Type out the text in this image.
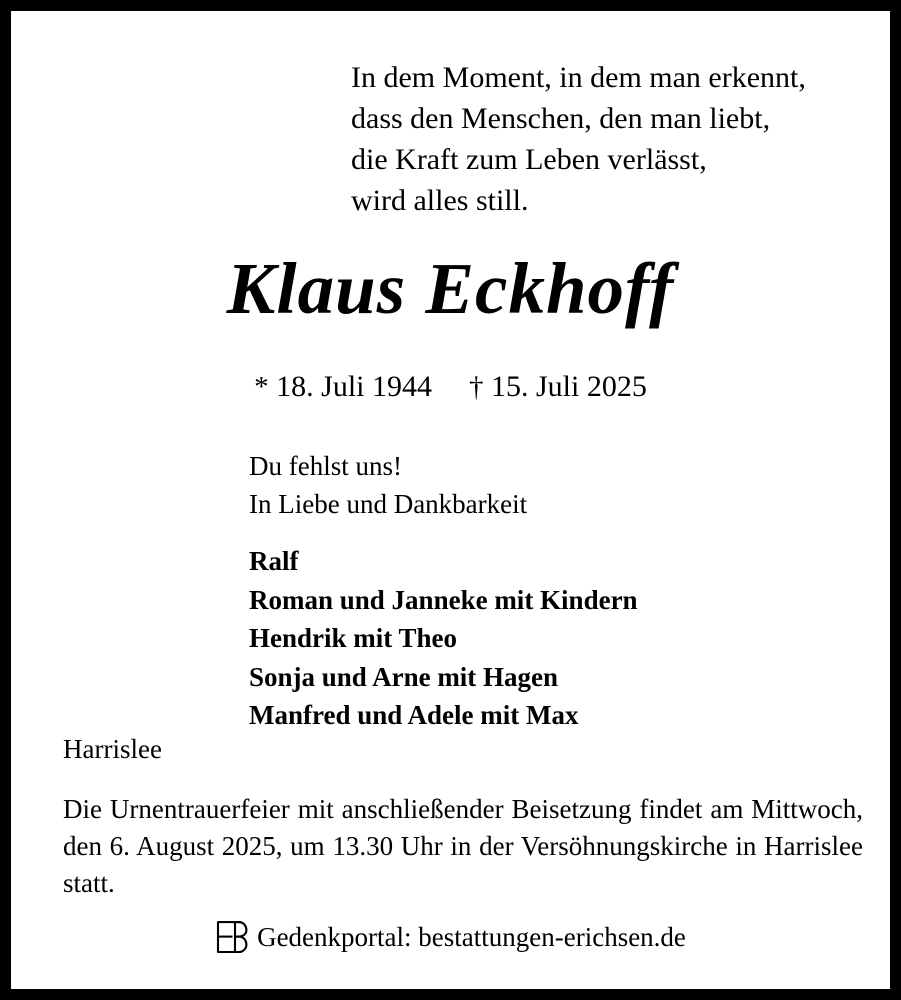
In dem Moment, in dem man erkennt,
dass den Menschen, den man liebt,
die Kraft zum Leben verlässt,
wird alles still.
Klaus Eckhoff
* 18. Juli 1944 † 15. Juli 2025
Du fehlst uns!
In Liebe und Dankbarkeit
Ralf
Roman und Janneke mit Kindern
Hendrik mit Theo
Sonja und Arne mit Hagen
Manfred und Adele mit Max
Harrislee
Die Urnentrauerfeier mit anschließender Beisetzung findet am Mittwoch, den 6. August 2025, um 13.30 Uhr in der Versöhnungskirche in Harrislee statt.
Gedenkportal: bestattungen-erichsen.de
